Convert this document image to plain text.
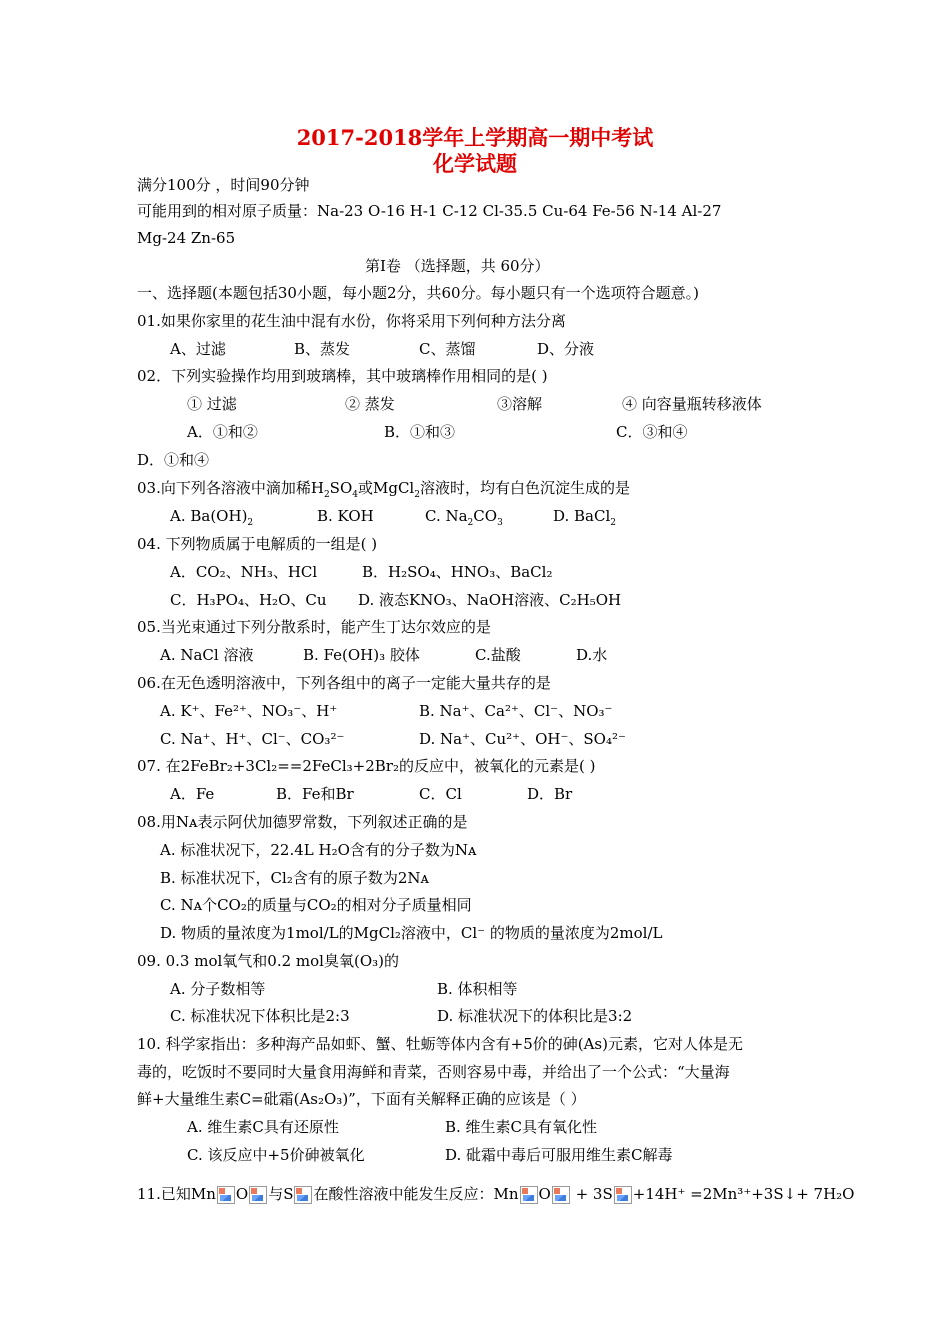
2017-2018学年上学期高一期中考试
化学试题
满分100分 ，时间90分钟
可能用到的相对原子质量：Na-23 O-16 H-1 C-12 Cl-35.5 Cu-64 Fe-56 N-14 Al-27
Mg-24 Zn-65
第Ⅰ卷 （选择题，共 60分）
一、选择题(本题包括30小题，每小题2分，共60分。每小题只有一个选项符合题意。)
01.如果你家里的花生油中混有水份，你将采用下列何种方法分离
A、过滤	B、蒸发	C、蒸馏	D、分液
02．下列实验操作均用到玻璃棒，其中玻璃棒作用相同的是( )
① 过滤	② 蒸发	③溶解	④ 向容量瓶转移液体
A．①和②	B．①和③	C．③和④
D．①和④
03.向下列各溶液中滴加稀$H_2SO_4$或MgCl$_2$溶液时，均有白色沉淀生成的是
A. $Ba(OH)_2$	B. KOH	C. $Na_2CO_3$	D. BaCl$_2$
04. 下列物质属于电解质的一组是( )
A．CO₂、NH₃、HCl	B．H₂SO₄、HNO₃、BaCl₂
C．H₃PO₄、H₂O、Cu D. 液态KNO₃、NaOH溶液、C₂H₅OH
05.当光束通过下列分散系时，能产生丁达尔效应的是
A. NaCl 溶液	B. Fe(OH)₃ 胶体	C.盐酸	D.水
06.在无色透明溶液中，下列各组中的离子一定能大量共存的是
A. K⁺、Fe²⁺、NO₃⁻、H⁺	B. Na⁺、Ca²⁺、Cl⁻、NO₃⁻
C. Na⁺、H⁺、Cl⁻、CO₃²⁻	D. Na⁺、Cu²⁺、OH⁻、SO₄²⁻
07. 在2FeBr₂+3Cl₂==2FeCl₃+2Br₂的反应中，被氧化的元素是( )
A．Fe	B．Fe和Br	C．Cl	D．Br
08.用Nᴀ表示阿伏加德罗常数，下列叙述正确的是
A. 标准状况下，22.4L H₂O含有的分子数为Nᴀ
B. 标准状况下，Cl₂含有的原子数为2Nᴀ
C. Nᴀ个CO₂的质量与CO₂的相对分子质量相同
D. 物质的量浓度为1mol/L的MgCl₂溶液中，Cl⁻ 的物质的量浓度为2mol/L
09. 0.3 mol氧气和0.2 mol臭氧(O₃)的
A. 分子数相等	B. 体积相等
C. 标准状况下体积比是2:3	D. 标准状况下的体积比是3:2
10. 科学家指出：多种海产品如虾、蟹、牡蛎等体内含有+5价的砷(As)元素，它对人体是无
毒的，吃饭时不要同时大量食用海鲜和青菜，否则容易中毒，并给出了一个公式：“大量海
鲜+大量维生素C=砒霜(As₂O₃)”，下面有关解释正确的应该是（ ）
A. 维生素C具有还原性	B. 维生素C具有氧化性
C. 该反应中+5价砷被氧化	D. 砒霜中毒后可服用维生素C解毒
11.已知Mn O 与S 在酸性溶液中能发生反应：Mn O + 3S +14H⁺ =2Mn³⁺+3S↓+ 7H₂O
